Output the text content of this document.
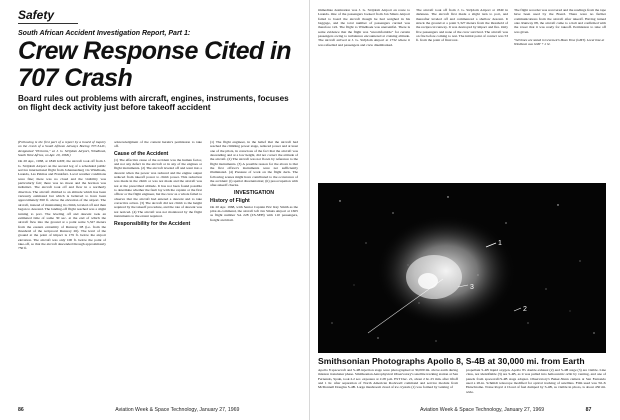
Safety
South African Accident Investigation Report, Part 1:
Crew Response Cited in 707 Crash
Board rules out problems with aircraft, engines, instruments, focuses on flight deck activity just before takeoff accident
(Following is the first part of a report by a board of inquiry on the crash of a South African Airways Boeing 707-344C, designated "Pretoria," at J. G. Strijdom Airport, Windhoek, South West Africa, on Apr. 20, 1968.)
On 20 Apr., 1968, at 1849 GMT, the aircraft took off from J. G. Strijdom Airport on the second leg of a scheduled public service international flight from Johannesburg via Windhoek, Luanda, Las Palmas and Frankfurt. Local weather conditions were fine; there was no cloud and the visibility was particularly fair; there was no moon and the horizon was indistinct. The aircraft took off and flew in a northerly direction. The aircraft climbed to an altitude which has been variously estimated but which is believed to have been approximately 650 ft. above the elevation of the airport. The aircraft, instead of maintaining its climb, leveled off and then began to descend. The landing-off flight reached was a slight turning to port. The leveling off and descent took an estimated time of some 30 sec. at the end of which the aircraft flew into the ground at a point some 5,327 meters from the eastern extremity of Runway 08 (i.e. from the threshold of the reciprocal Runway 26). The level of the ground at the point of impact is 179 ft. below the airport elevation. The aircraft was only 100 ft. below the point of take-off, so that the aircraft descended through approximately 750 ft.
acknowledgment of the content herein's permission to take off.
Cause of the Accident
(1) The effective cause of the accident was the human factor, and not any defect in the aircraft or in any of the engines or flight instruments. (2) The aircraft leveled off and went into a descent when the power was reduced and the engine output reduced from takeoff power to climb power. This reduction was made in the climb or was not made and the aircraft was not at the prescribed altitude. It has not been found possible to determine whether the fault lay with the captain or the first officer or the flight engineer, but the crew as a whole failed to observe that the aircraft had entered a descent and to take corrective action. (3) The aircraft did not climb to the height required by the takeoff procedure, and the rate of descent was not noticed. (4) The aircraft was not monitored by the flight instruments to the extent required.
Responsibility for the Accident
(1) The flight engineer, in the belief that the aircraft had reached the climbing power stage, reduced power and at least one of the pilots, in conscious of the fact that the aircraft was descending and at a low height, did not correct the attitude of the aircraft. (2) The aircraft was not flown by reference to the flight instruments. (3) A possible reason for the above is that the first officer's instruments were not sufficiently illuminated. (4) Pressure of work on the flight deck. The following scenes might have contributed to the occurrence of the accident: (i) spatial disorientation; (ii) preoccupation with after-takeoff checks.
INVESTIGATION
History of Flight
On 20 Apr. 1968, with Senior Captain Eric Ray Smith as the pilot-in-command, the aircraft left Jan Smuts Airport at 1605 as flight number SA 228 (ZS-SEH) with 110 passengers, freight and mail.
immediate destination was J. G. Strijdom Airport en route to Luanda. One of the passengers booked from Jan Smuts Airport failed to board the aircraft though he had weighed in his baggage, and the total number of passengers carried was therefore 122. The flight to Windhoek was uneventful. There is some evidence that the flight was "uncomfortable" for certain passengers owing to turbulence encountered at cruising altitude. The aircraft arrived at J. G. Strijdom Airport at 1732 where it was refuelled and passengers and crew disembarked.
The aircraft took off from J. G. Strijdom Airport at 1849 in darkness. The aircraft first made a slight turn to port, and thereafter leveled off and commenced a shallow descent. It struck the ground at a point 5,327 meters from the threshold of the reciprocal runway. It was destroyed by impact and fire. Only five passengers and none of the crew survived. The aircraft was on fire before coming to rest. The initial point of contact was 53 ft. from the point of final rest.
The flight recorder was recovered and the readings from the tape have been used by the Board. There were no further communications from the aircraft after takeoff. Having turned onto Runway 08, the aircraft came to a halt and confirmed with the tower that it was ready for takeoff. Permission to take off was given.
*All times are stated in Greenwich Mean Time (GMT). Local time at Windhoek was GMT + 2 hr.
1
2
3
Smithsonian Photographs Apollo 8, S-4B at 30,000 mi. from Earth
Apollo 8 spacecraft and S-4B injection stage were photographed at 30,000 mi. above earth during mission translunar phase. Smithsonian Astrophysical Observatory's satellite tracking station at San Fernando, Spain, took 2.2 sec. exposure at 1:28 p.m. EST Dec. 21, about 2 hr. 25 min. after liftoff and 1 hr. after separation of North American Rockwell command and service module from McDonnell Douglas S-4B. Large mushroom cloud of ice crystals (1) was formed by venting of
propellant S-4B liquid oxygen. Apollo 8's double exhaust (2) and S-4B stage (3) are visible. Line class, not identifiable (3) are S-4B, as it was pulled into heliocentric orbit by venting, and one of panels from spacecraft/S-4B stage adapter. Observatory's Baker-Nunn camera at San Fernando used a 20-in. Schmidt telescope modified for optical tracking of satellites. Film used was Tri-X Ektachrome. Noise Royal 4 Cloud of fuel dumped by S-4B, as visible in photo, is about 450 mi. wide.
86	Aviation Week & Space Technology, January 27, 1969	Aviation Week & Space Technology, January 27, 1969	87
